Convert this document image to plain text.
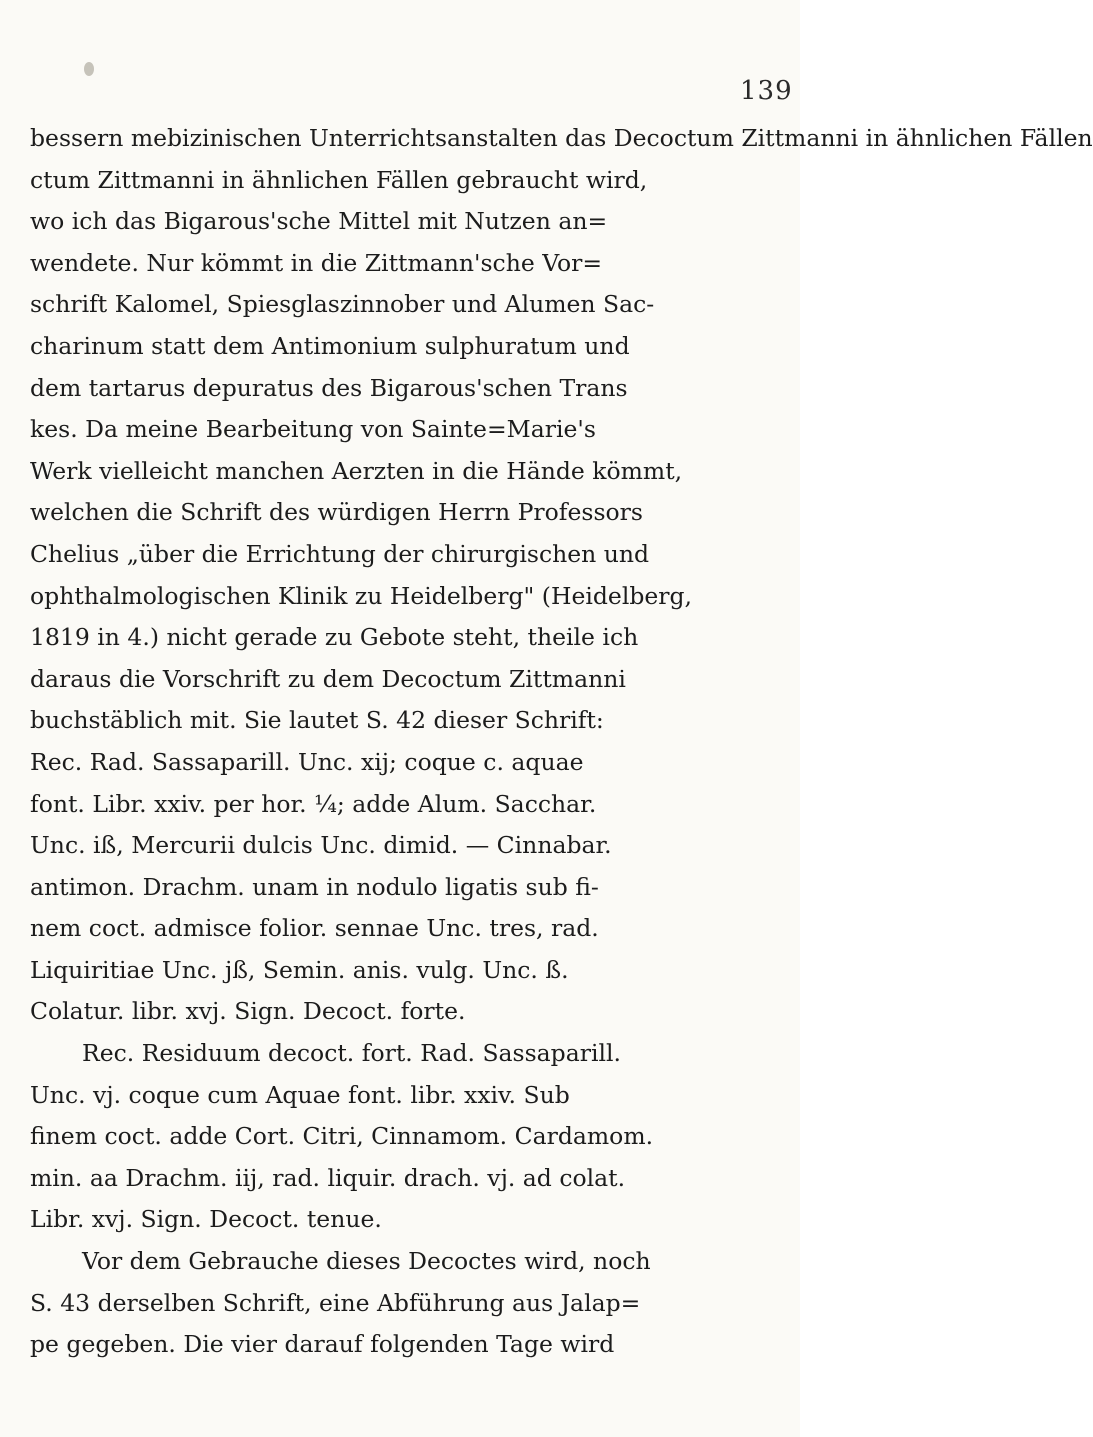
139
bessern mebizinischen Unterrichtsanstalten das Decoctum Zittmanni in ähnlichen Fällen
ctum Zittmanni in ähnlichen Fällen gebraucht wird,
wo ich das Bigarous'sche Mittel mit Nutzen an=
wendete. Nur kömmt in die Zittmann'sche Vor=
schrift Kalomel, Spiesglaszinnober und Alumen Sac-
charinum statt dem Antimonium sulphuratum und
dem tartarus depuratus des Bigarous'schen Trans
kes. Da meine Bearbeitung von Sainte=Marie's
Werk vielleicht manchen Aerzten in die Hände kömmt,
welchen die Schrift des würdigen Herrn Professors
Chelius „über die Errichtung der chirurgischen und
ophthalmologischen Klinik zu Heidelberg" (Heidelberg,
1819 in 4.) nicht gerade zu Gebote steht, theile ich
daraus die Vorschrift zu dem Decoctum Zittmanni
buchstäblich mit. Sie lautet S. 42 dieser Schrift:
Rec. Rad. Sassaparill. Unc. xij; coque c. aquae
font. Libr. xxiv. per hor. ¼; adde Alum. Sacchar.
Unc. iß, Mercurii dulcis Unc. dimid. — Cinnabar.
antimon. Drachm. unam in nodulo ligatis sub fi-
nem coct. admisce folior. sennae Unc. tres, rad.
Liquiritiae Unc. jß, Semin. anis. vulg. Unc. ß.
Colatur. libr. xvj. Sign. Decoct. forte.
Rec. Residuum decoct. fort. Rad. Sassaparill.
Unc. vj. coque cum Aquae font. libr. xxiv. Sub
finem coct. adde Cort. Citri, Cinnamom. Cardamom.
min. aa Drachm. iij, rad. liquir. drach. vj. ad colat.
Libr. xvj. Sign. Decoct. tenue.
Vor dem Gebrauche dieses Decoctes wird, noch
S. 43 derselben Schrift, eine Abführung aus Jalap=
pe gegeben. Die vier darauf folgenden Tage wird
